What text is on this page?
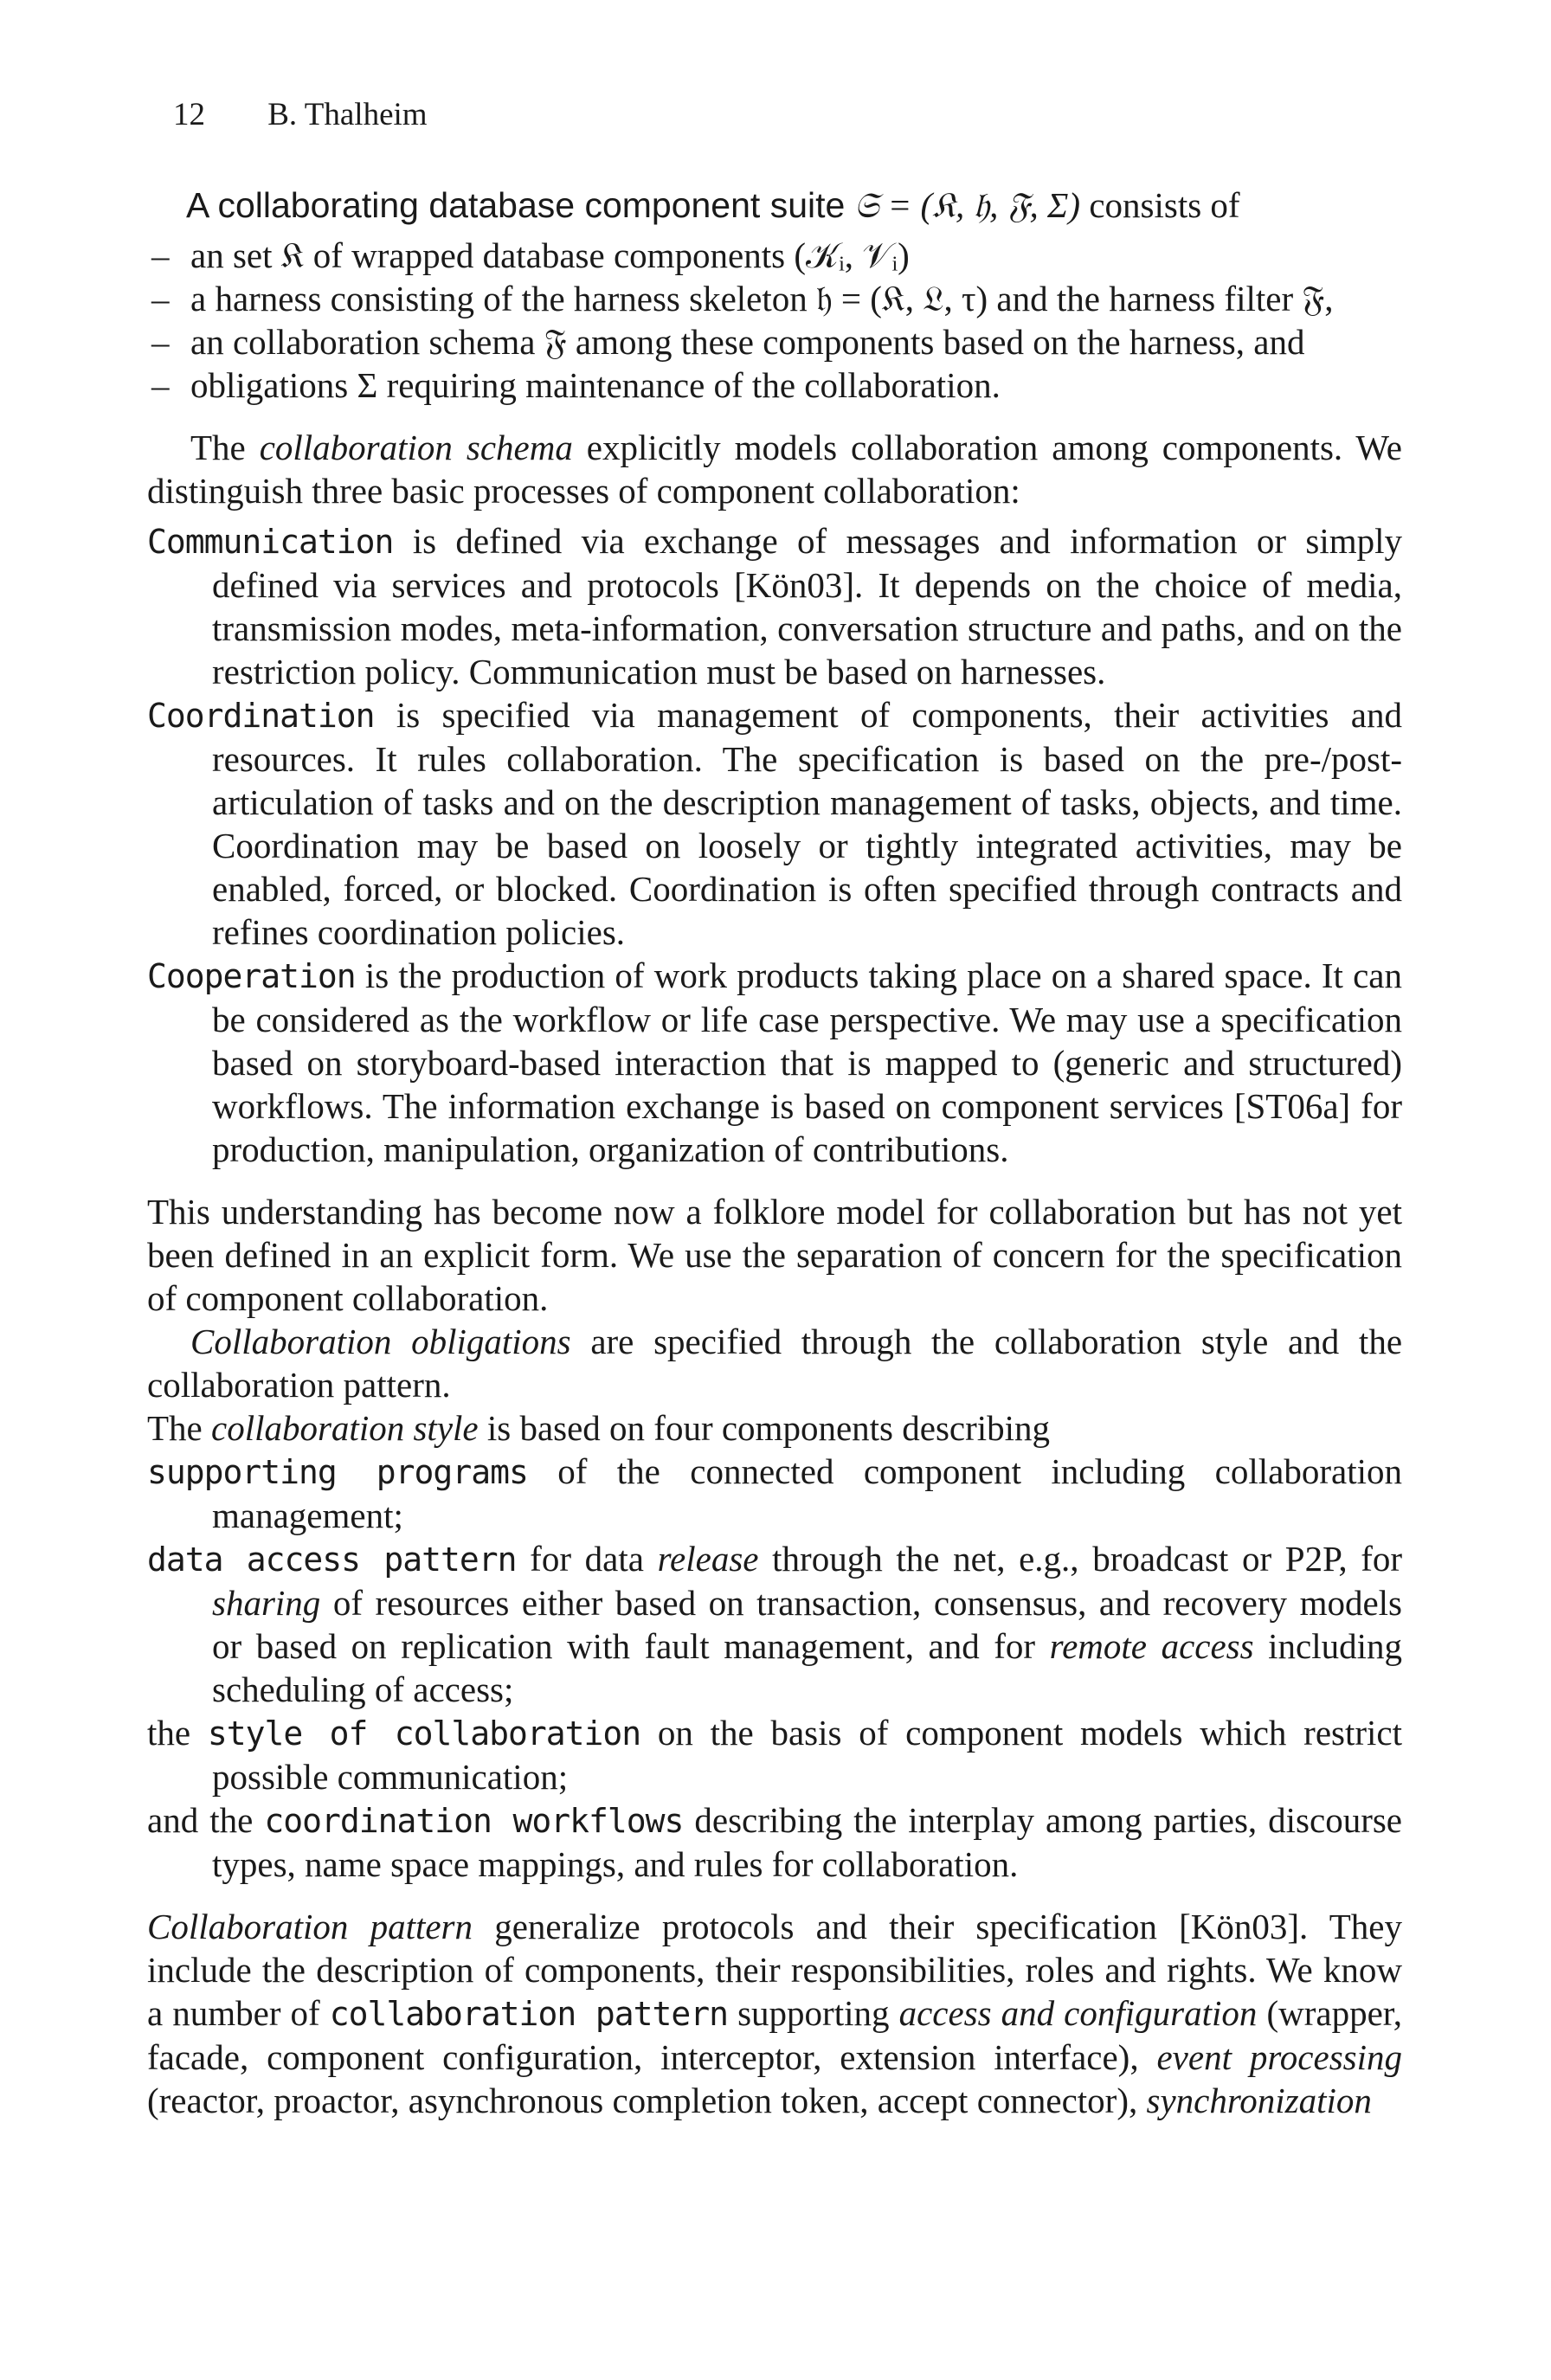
12 B. Thalheim
A collaborating database component suite 𝔖 = (𝔎, 𝔥, 𝔉, Σ) consists of
– an set 𝔎 of wrapped database components (𝒦ᵢ, 𝒱ᵢ)
– a harness consisting of the harness skeleton 𝔥 = (𝔎, 𝔏, τ) and the harness filter 𝔉,
– an collaboration schema 𝔉 among these components based on the harness, and
– obligations Σ requiring maintenance of the collaboration.

The collaboration schema explicitly models collaboration among components. We distinguish three basic processes of component collaboration:

Communication is defined via exchange of messages and information or simply defined via services and protocols [Kön03]. It depends on the choice of media, transmission modes, meta-information, conversation structure and paths, and on the restriction policy. Communication must be based on harnesses.

Coordination is specified via management of components, their activities and resources. It rules collaboration. The specification is based on the pre-/post-articulation of tasks and on the description management of tasks, objects, and time. Coordination may be based on loosely or tightly integrated activities, may be enabled, forced, or blocked. Coordination is often specified through contracts and refines coordination policies.

Cooperation is the production of work products taking place on a shared space. It can be considered as the workflow or life case perspective. We may use a specification based on storyboard-based interaction that is mapped to (generic and structured) workflows. The information exchange is based on component services [ST06a] for production, manipulation, organization of contributions.

This understanding has become now a folklore model for collaboration but has not yet been defined in an explicit form. We use the separation of concern for the specification of component collaboration.

Collaboration obligations are specified through the collaboration style and the collaboration pattern.

The collaboration style is based on four components describing

supporting programs of the connected component including collaboration management;

data access pattern for data release through the net, e.g., broadcast or P2P, for sharing of resources either based on transaction, consensus, and recovery models or based on replication with fault management, and for remote access including scheduling of access;

the style of collaboration on the basis of component models which restrict possible communication;

and the coordination workflows describing the interplay among parties, discourse types, name space mappings, and rules for collaboration.

Collaboration pattern generalize protocols and their specification [Kön03]. They include the description of components, their responsibilities, roles and rights. We know a number of collaboration pattern supporting access and configuration (wrapper, facade, component configuration, interceptor, extension interface), event processing (reactor, proactor, asynchronous completion token, accept connector), synchronization
